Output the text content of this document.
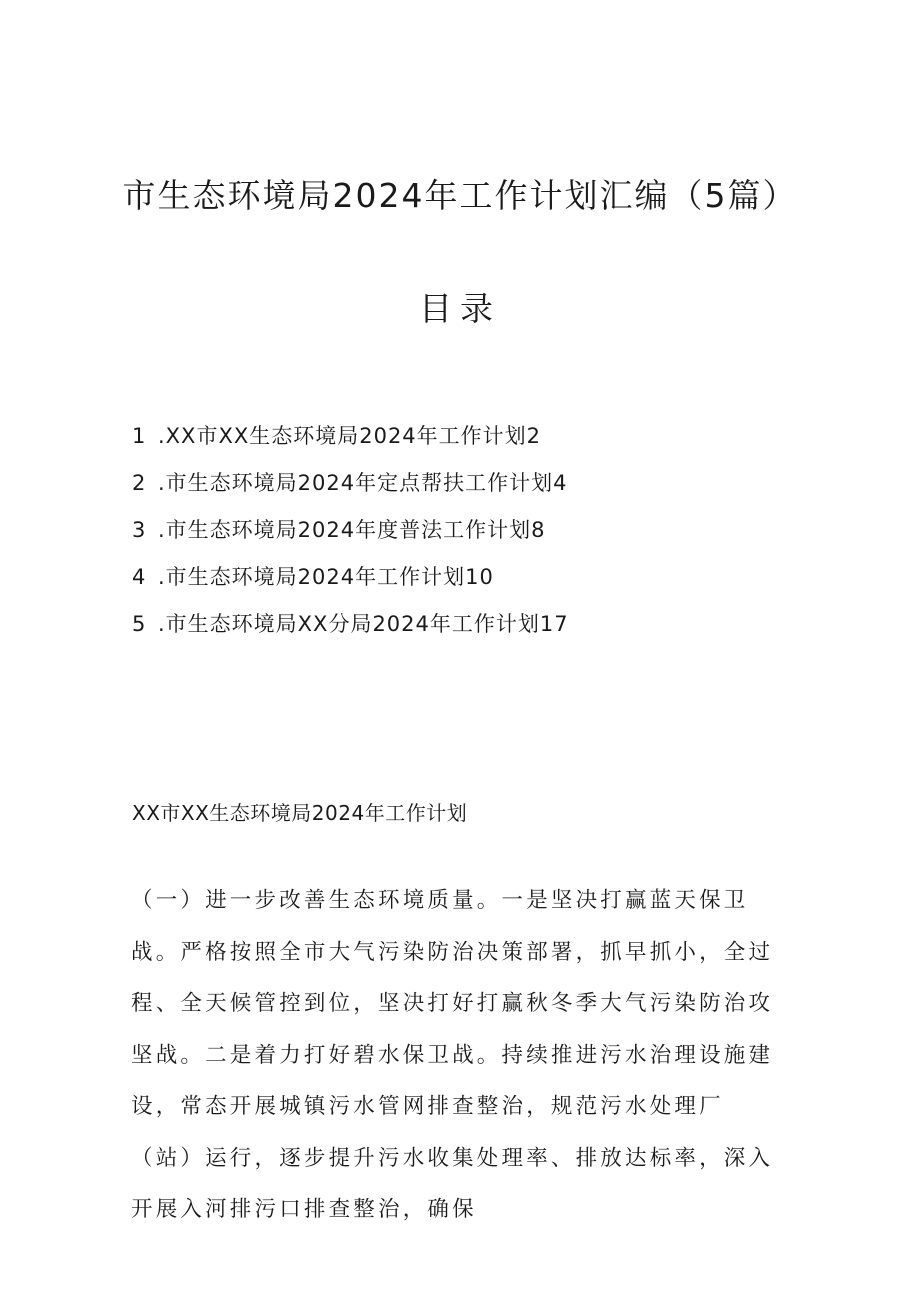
市生态环境局2024年工作计划汇编（5篇）
目录
1 .XX市XX生态环境局2024年工作计划2
2 .市生态环境局2024年定点帮扶工作计划4
3 .市生态环境局2024年度普法工作计划8
4 .市生态环境局2024年工作计划10
5 .市生态环境局XX分局2024年工作计划17
XX市XX生态环境局2024年工作计划

（一）进一步改善生态环境质量。一是坚决打赢蓝天保卫战。严格按照全市大气污染防治决策部署，抓早抓小，全过程、全天候管控到位，坚决打好打赢秋冬季大气污染防治攻坚战。二是着力打好碧水保卫战。持续推进污水治理设施建设，常态开展城镇污水管网排查整治，规范污水处理厂（站）运行，逐步提升污水收集处理率、排放达标率，深入开展入河排污口排查整治，确保
